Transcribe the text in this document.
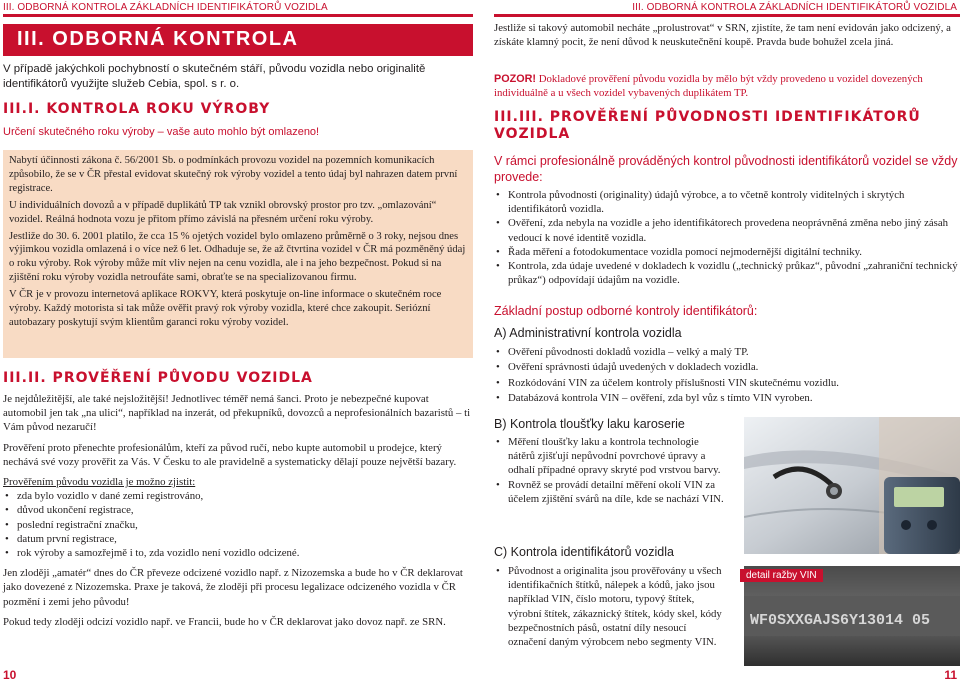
III. ODBORNÁ KONTROLA ZÁKLADNÍCH IDENTIFIKÁTORŮ VOZIDLA
III. ODBORNÁ KONTROLA
V případě jakýchkoli pochybností o skutečném stáří, původu vozidla nebo originalitě identifikátorů využijte služeb Cebia, spol. s r. o.
III.I. KONTROLA ROKU VÝROBY
Určení skutečného roku výroby – vaše auto mohlo být omlazeno!

Nabytí účinnosti zákona č. 56/2001 Sb. o podmínkách provozu vozidel na pozemních komunikacích způsobilo, že se v ČR přestal evidovat skutečný rok výroby vozidel a tento údaj byl nahrazen datem první registrace.

U individuálních dovozů a v případě duplikátů TP tak vznikl obrovský prostor pro tzv. „omlazování“ vozidel. Reálná hodnota vozu je přitom přímo závislá na přesném určení roku výroby.

Jestliže do 30. 6. 2001 platilo, že cca 15 % ojetých vozidel bylo omlazeno průměrně o 3 roky, nejsou dnes výjimkou vozidla omlazená i o více než 6 let. Odhaduje se, že až čtvrtina vozidel v ČR má pozměněný údaj o roku výroby. Rok výroby může mít vliv nejen na cenu vozidla, ale i na jeho bezpečnost. Pokud si na zjištění roku výroby vozidla netroufáte sami, obraťte se na specializovanou firmu.

V ČR je v provozu internetová aplikace ROKVY, která poskytuje on-line informace o skutečném roce výroby. Každý motorista si tak může ověřit pravý rok výroby vozidla, které chce zakoupit. Seriózní autobazary poskytují svým klientům garanci roku výroby vozidel.

III.II. PROVĚŘENÍ PŮVODU VOZIDLA

Je nejdůležitější, ale také nejsložitější! Jednotlivec téměř nemá šanci. Proto je nebezpečné kupovat automobil jen tak „na ulici“, například na inzerát, od překupníků, dovozců a neprofesionálních bazaristů – ti Vám původ nezaručí!

Prověření proto přenechte profesionálům, kteří za původ ručí, nebo kupte automobil u prodejce, který nechává své vozy prověřit za Vás. V Česku to ale pravidelně a systematicky dělají pouze největší bazary.

Prověřením původu vozidla je možno zjistit:

• zda bylo vozidlo v dané zemi registrováno,
• důvod ukončení registrace,
• poslední registrační značku,
• datum první registrace,
• rok výroby a samozřejmě i to, zda vozidlo není vozidlo odcizené.

Jen zloději „amatér“ dnes do ČR převeze odcizené vozidlo např. z Nizozemska a bude ho v ČR deklarovat jako dovezené z Nizozemska. Praxe je taková, že zloději při procesu legalizace odcizeného vozidla v ČR pozmění i zemi jeho původu!

Pokud tedy zloději odcizí vozidlo např. ve Francii, bude ho v ČR deklarovat jako dovoz např. ze SRN.

10
III. ODBORNÁ KONTROLA ZÁKLADNÍCH IDENTIFIKÁTORŮ VOZIDLA
Jestliže si takový automobil necháte „prolustrovat“ v SRN, zjistíte, že tam není evidován jako odcizený, a získáte klamný pocit, že není důvod k neuskutečnění koupě. Pravda bude bohužel zcela jiná.
POZOR! Dokladové prověření původu vozidla by mělo být vždy provedeno u vozidel dovezených individuálně a u všech vozidel vybavených duplikátem TP.
III.III. PROVĚŘENÍ PŮVODNOSTI IDENTIFIKÁTORŮ
VOZIDLA
V rámci profesionálně prováděných kontrol původnosti identifikátorů vozidel se vždy provede:
• Kontrola původnosti (originality) údajů výrobce, a to včetně kontroly viditelných i skrytých identifikátorů vozidla.
• Ověření, zda nebyla na vozidle a jeho identifikátorech provedena neoprávněná změna nebo jiný zásah vedoucí k nové identitě vozidla.
• Řada měření a fotodokumentace vozidla pomocí nejmodernější digitální techniky.
• Kontrola, zda údaje uvedené v dokladech k vozidlu („technický průkaz“, původní „zahraniční technický průkaz“) odpovídají údajům na vozidle.
Základní postup odborné kontroly identifikátorů:
A) Administrativní kontrola vozidla
• Ověření původnosti dokladů vozidla – velký a malý TP.
• Ověření správnosti údajů uvedených v dokladech vozidla.
• Rozkódování VIN za účelem kontroly příslušnosti VIN skutečnému vozidlu.
• Databázová kontrola VIN – ověření, zda byl vůz s tímto VIN vyroben.
B) Kontrola tloušťky laku karoserie
• Měření tloušťky laku a kontrola technologie nátěrů zjišťují nepůvodní povrchové úpravy a odhalí případné opravy skryté pod vrstvou barvy.
• Rovněž se provádí detailní měření okolí VIN za účelem zjištění svárů na díle, kde se nachází VIN.
C) Kontrola identifikátorů vozidla
• Původnost a originalita jsou prověřovány u všech identifikačních štítků, nálepek a kódů, jako jsou například VIN, číslo motoru, typový štítek, výrobní štítek, zákaznický štítek, kódy skel, kódy bezpečnostních pásů, ostatní díly nesoucí označení daným výrobcem nebo segmenty VIN.
WF0SXXGAJS6Y13014 05
detail ražby VIN
11
